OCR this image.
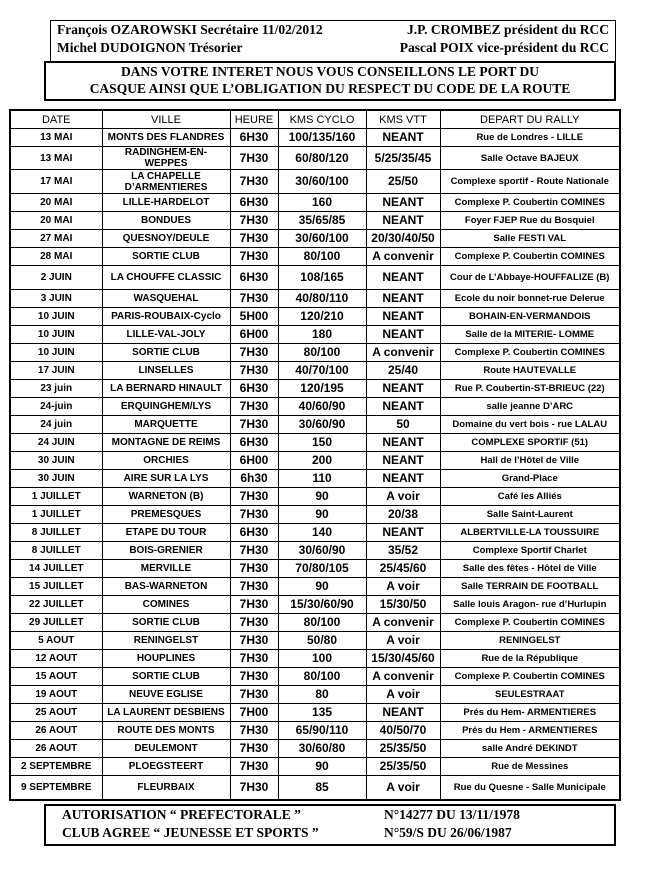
François OZAROWSKI Secrétaire 11/02/2012	J.P. CROMBEZ président du RCC
Michel DUDOIGNON Trésorier	Pascal POIX vice-président du RCC
DANS VOTRE INTERET NOUS VOUS CONSEILLONS LE PORT DU
CASQUE AINSI QUE L’OBLIGATION DU RESPECT DU CODE DE LA ROUTE
DATE	VILLE	HEURE	KMS CYCLO	KMS VTT	DEPART DU RALLY
13 MAI	MONTS DES FLANDRES	6H30	100/135/160	NEANT	Rue de Londres - LILLE
13 MAI	RADINGHEM-EN-WEPPES	7H30	60/80/120	5/25/35/45	Salle Octave BAJEUX
17 MAI	LA CHAPELLE D’ARMENTIERES	7H30	30/60/100	25/50	Complexe sportif - Route Nationale
20 MAI	LILLE-HARDELOT	6H30	160	NEANT	Complexe P. Coubertin COMINES
20 MAI	BONDUES	7H30	35/65/85	NEANT	Foyer FJEP Rue du Bosquiel
27 MAI	QUESNOY/DEULE	7H30	30/60/100	20/30/40/50	Salle FESTI VAL
28 MAI	SORTIE CLUB	7H30	80/100	A convenir	Complexe P. Coubertin COMINES
2 JUIN	LA CHOUFFE CLASSIC	6H30	108/165	NEANT	Cour de L’Abbaye-HOUFFALIZE (B)
3 JUIN	WASQUEHAL	7H30	40/80/110	NEANT	Ecole du noir bonnet-rue Delerue
10 JUIN	PARIS-ROUBAIX-Cyclo	5H00	120/210	NEANT	BOHAIN-EN-VERMANDOIS
10 JUIN	LILLE-VAL-JOLY	6H00	180	NEANT	Salle de la MITERIE- LOMME
10 JUIN	SORTIE CLUB	7H30	80/100	A convenir	Complexe P. Coubertin COMINES
17 JUIN	LINSELLES	7H30	40/70/100	25/40	Route HAUTEVALLE
23 juin	LA BERNARD HINAULT	6H30	120/195	NEANT	Rue P. Coubertin-ST-BRIEUC (22)
24-juin	ERQUINGHEM/LYS	7H30	40/60/90	NEANT	salle jeanne D’ARC
24 juin	MARQUETTE	7H30	30/60/90	50	Domaine du vert bois - rue LALAU
24 JUIN	MONTAGNE DE REIMS	6H30	150	NEANT	COMPLEXE SPORTIF (51)
30 JUIN	ORCHIES	6H00	200	NEANT	Hall de l’Hôtel de Ville
30 JUIN	AIRE SUR LA LYS	6h30	110	NEANT	Grand-Place
1 JUILLET	WARNETON (B)	7H30	90	A voir	Café les Alliés
1 JUILLET	PREMESQUES	7H30	90	20/38	Salle Saint-Laurent
8 JUILLET	ETAPE DU TOUR	6H30	140	NEANT	ALBERTVILLE-LA TOUSSUIRE
8 JUILLET	BOIS-GRENIER	7H30	30/60/90	35/52	Complexe Sportif Charlet
14 JUILLET	MERVILLE	7H30	70/80/105	25/45/60	Salle des fêtes - Hôtel de Ville
15 JUILLET	BAS-WARNETON	7H30	90	A voir	Salle TERRAIN DE FOOTBALL
22 JUILLET	COMINES	7H30	15/30/60/90	15/30/50	Salle louis Aragon- rue d’Hurlupin
29 JUILLET	SORTIE CLUB	7H30	80/100	A convenir	Complexe P. Coubertin COMINES
5 AOUT	RENINGELST	7H30	50/80	A voir	RENINGELST
12 AOUT	HOUPLINES	7H30	100	15/30/45/60	Rue de la République
15 AOUT	SORTIE CLUB	7H30	80/100	A convenir	Complexe P. Coubertin COMINES
19 AOUT	NEUVE EGLISE	7H30	80	A voir	SEULESTRAAT
25 AOUT	LA LAURENT DESBIENS	7H00	135	NEANT	Prés du Hem- ARMENTIERES
26 AOUT	ROUTE DES MONTS	7H30	65/90/110	40/50/70	Prés du Hem - ARMENTIERES
26 AOUT	DEULEMONT	7H30	30/60/80	25/35/50	salle André DEKINDT
2 SEPTEMBRE	PLOEGSTEERT	7H30	90	25/35/50	Rue de Messines
9 SEPTEMBRE	FLEURBAIX	7H30	85	A voir	Rue du Quesne - Salle Municipale
AUTORISATION “ PREFECTORALE ”	N°14277 DU 13/11/1978
CLUB AGREE “ JEUNESSE ET SPORTS ”	N°59/S DU 26/06/1987
